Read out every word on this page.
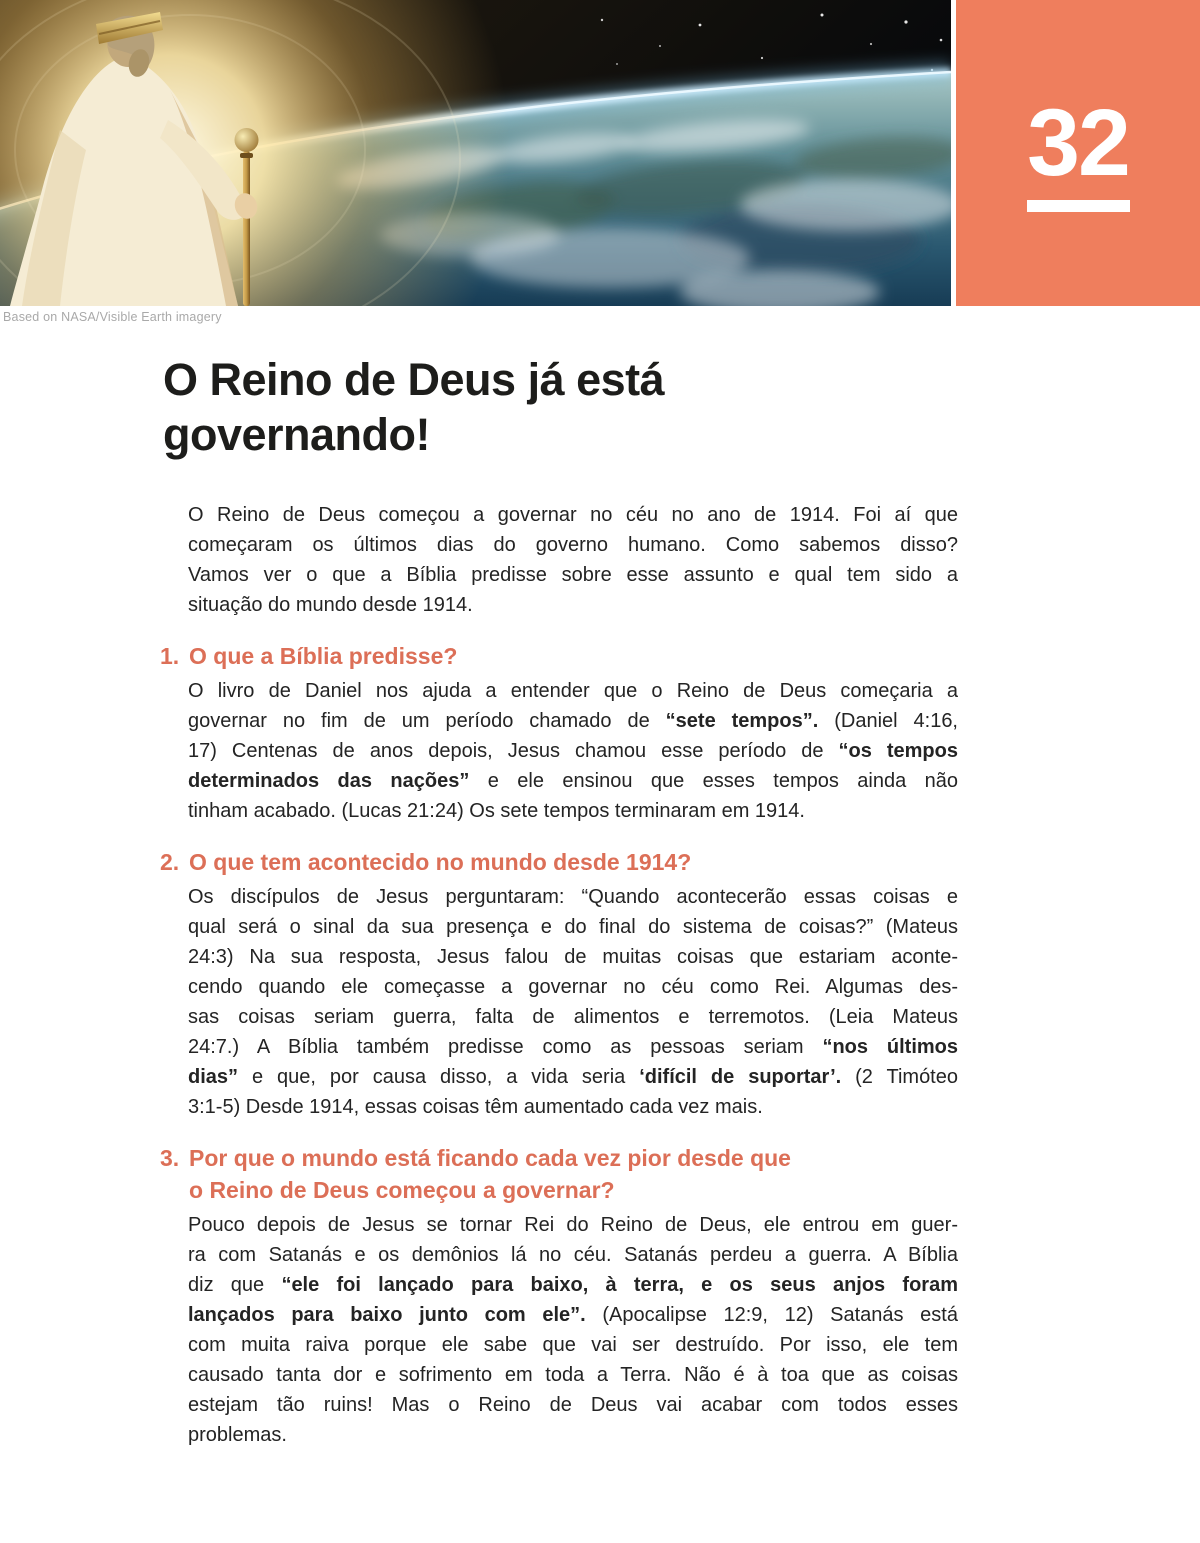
32
Based on NASA/Visible Earth imagery
O Reino de Deus já está
governando!
O Reino de Deus começou a governar no céu no ano de 1914. Foi aí que
começaram os últimos dias do governo humano. Como sabemos disso?
Vamos ver o que a Bíblia predisse sobre esse assunto e qual tem sido a
situação do mundo desde 1914.
1. O que a Bíblia predisse?
O livro de Daniel nos ajuda a entender que o Reino de Deus começaria a
governar no fim de um período chamado de “sete tempos”. (Daniel 4:16,
17) Centenas de anos depois, Jesus chamou esse período de “os tempos
determinados das nações” e ele ensinou que esses tempos ainda não
tinham acabado. (Lucas 21:24) Os sete tempos terminaram em 1914.
2. O que tem acontecido no mundo desde 1914?
Os discípulos de Jesus perguntaram: “Quando acontecerão essas coisas e
qual será o sinal da sua presença e do final do sistema de coisas?” (Mateus
24:3) Na sua resposta, Jesus falou de muitas coisas que estariam aconte-
cendo quando ele começasse a governar no céu como Rei. Algumas des-
sas coisas seriam guerra, falta de alimentos e terremotos. (Leia Mateus
24:7.) A Bíblia também predisse como as pessoas seriam “nos últimos
dias” e que, por causa disso, a vida seria ‘difícil de suportar’. (2 Timóteo
3:1-5) Desde 1914, essas coisas têm aumentado cada vez mais.
3. Por que o mundo está ficando cada vez pior desde que
o Reino de Deus começou a governar?
Pouco depois de Jesus se tornar Rei do Reino de Deus, ele entrou em guer-
ra com Satanás e os demônios lá no céu. Satanás perdeu a guerra. A Bíblia
diz que “ele foi lançado para baixo, à terra, e os seus anjos foram
lançados para baixo junto com ele”. (Apocalipse 12:9, 12) Satanás está
com muita raiva porque ele sabe que vai ser destruído. Por isso, ele tem
causado tanta dor e sofrimento em toda a Terra. Não é à toa que as coisas
estejam tão ruins! Mas o Reino de Deus vai acabar com todos esses
problemas.
